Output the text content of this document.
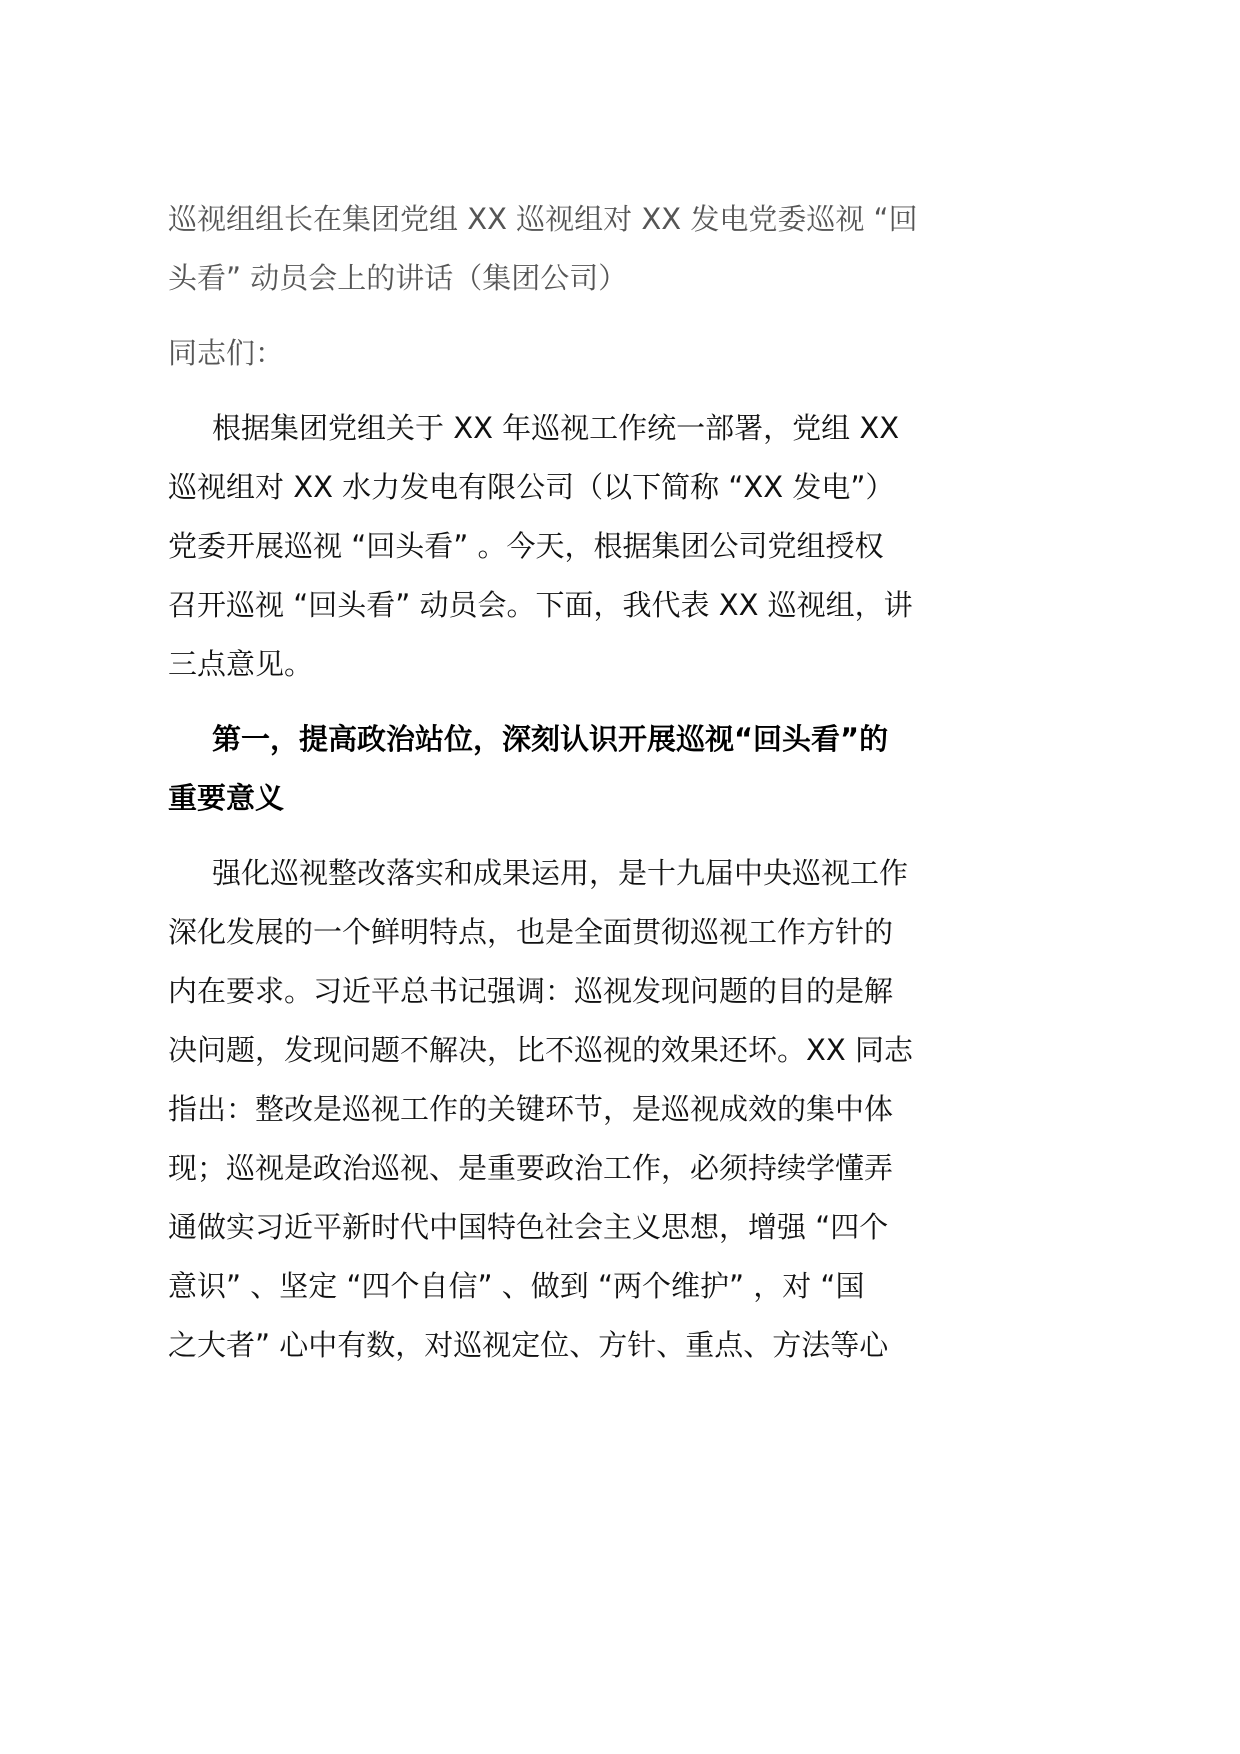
巡视组组长在集团党组 XX 巡视组对 XX 发电党委巡视 “回
头看” 动员会上的讲话（集团公司）
同志们：
根据集团党组关于 XX 年巡视工作统一部署，党组 XX
巡视组对 XX 水力发电有限公司（以下简称 “XX 发电”）
党委开展巡视 “回头看” 。今天，根据集团公司党组授权
召开巡视 “回头看” 动员会。下面，我代表 XX 巡视组，讲
三点意见。
第一，提高政治站位，深刻认识开展巡视“回头看”的
重要意义
强化巡视整改落实和成果运用，是十九届中央巡视工作
深化发展的一个鲜明特点，也是全面贯彻巡视工作方针的
内在要求。习近平总书记强调：巡视发现问题的目的是解
决问题，发现问题不解决，比不巡视的效果还坏。XX 同志
指出：整改是巡视工作的关键环节，是巡视成效的集中体
现；巡视是政治巡视、是重要政治工作，必须持续学懂弄
通做实习近平新时代中国特色社会主义思想，增强 “四个
意识” 、坚定 “四个自信” 、做到 “两个维护” ，对 “国
之大者” 心中有数，对巡视定位、方针、重点、方法等心
